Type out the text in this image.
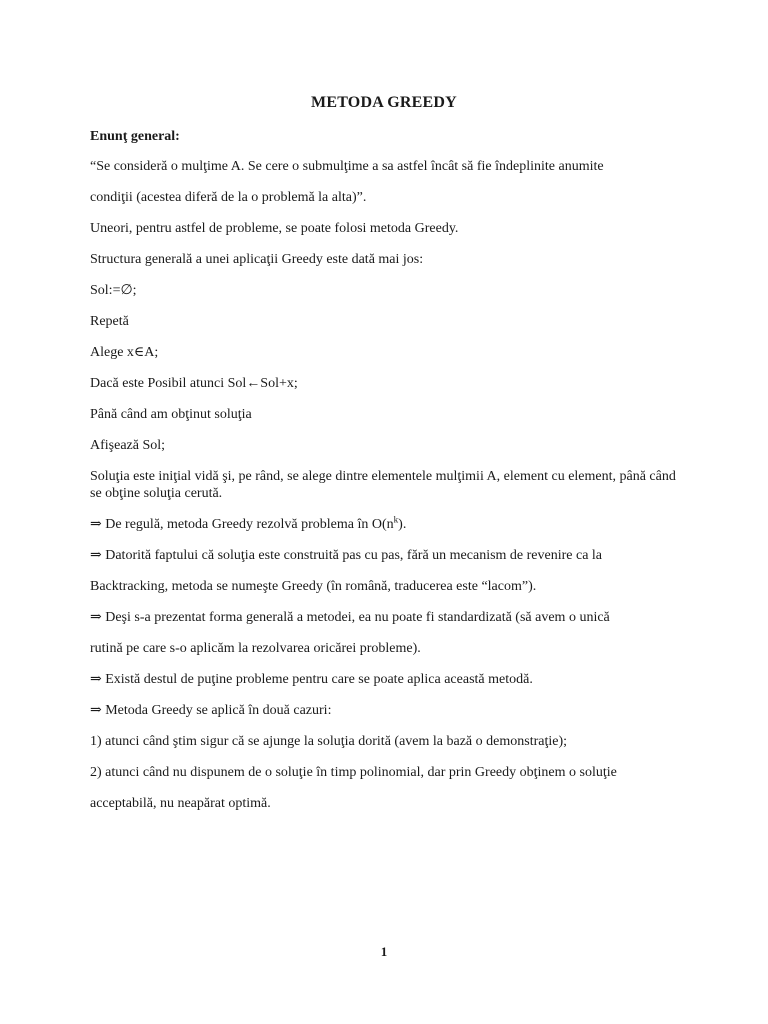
METODA GREEDY
Enunţ general:
“Se consideră o mulţime A. Se cere o submulţime a sa astfel încât să fie îndeplinite anumite
condiţii (acestea diferă de la o problemă la alta)”.
Uneori, pentru astfel de probleme, se poate folosi metoda Greedy.
Structura generală a unei aplicaţii Greedy este dată mai jos:
Sol:=∅;
Repetă
Alege x∈A;
Dacă este Posibil atunci Sol←Sol+x;
Până când am obţinut soluţia
Afişează Sol;
Soluţia este iniţial vidă şi, pe rând, se alege dintre elementele mulţimii A, element cu element, până când se obţine soluţia cerută.
⇒ De regulă, metoda Greedy rezolvă problema în $O(n^k)$.
⇒ Datorită faptului că soluţia este construită pas cu pas, fără un mecanism de revenire ca la
Backtracking, metoda se numeşte Greedy (în română, traducerea este “lacom”).
⇒ Deşi s-a prezentat forma generală a metodei, ea nu poate fi standardizată (să avem o unică
rutină pe care s-o aplicăm la rezolvarea oricărei probleme).
⇒ Există destul de puţine probleme pentru care se poate aplica această metodă.
⇒ Metoda Greedy se aplică în două cazuri:
1) atunci când ştim sigur că se ajunge la soluţia dorită (avem la bază o demonstraţie);
2) atunci când nu dispunem de o soluţie în timp polinomial, dar prin Greedy obţinem o soluţie
acceptabilă, nu neapărat optimă.
1
